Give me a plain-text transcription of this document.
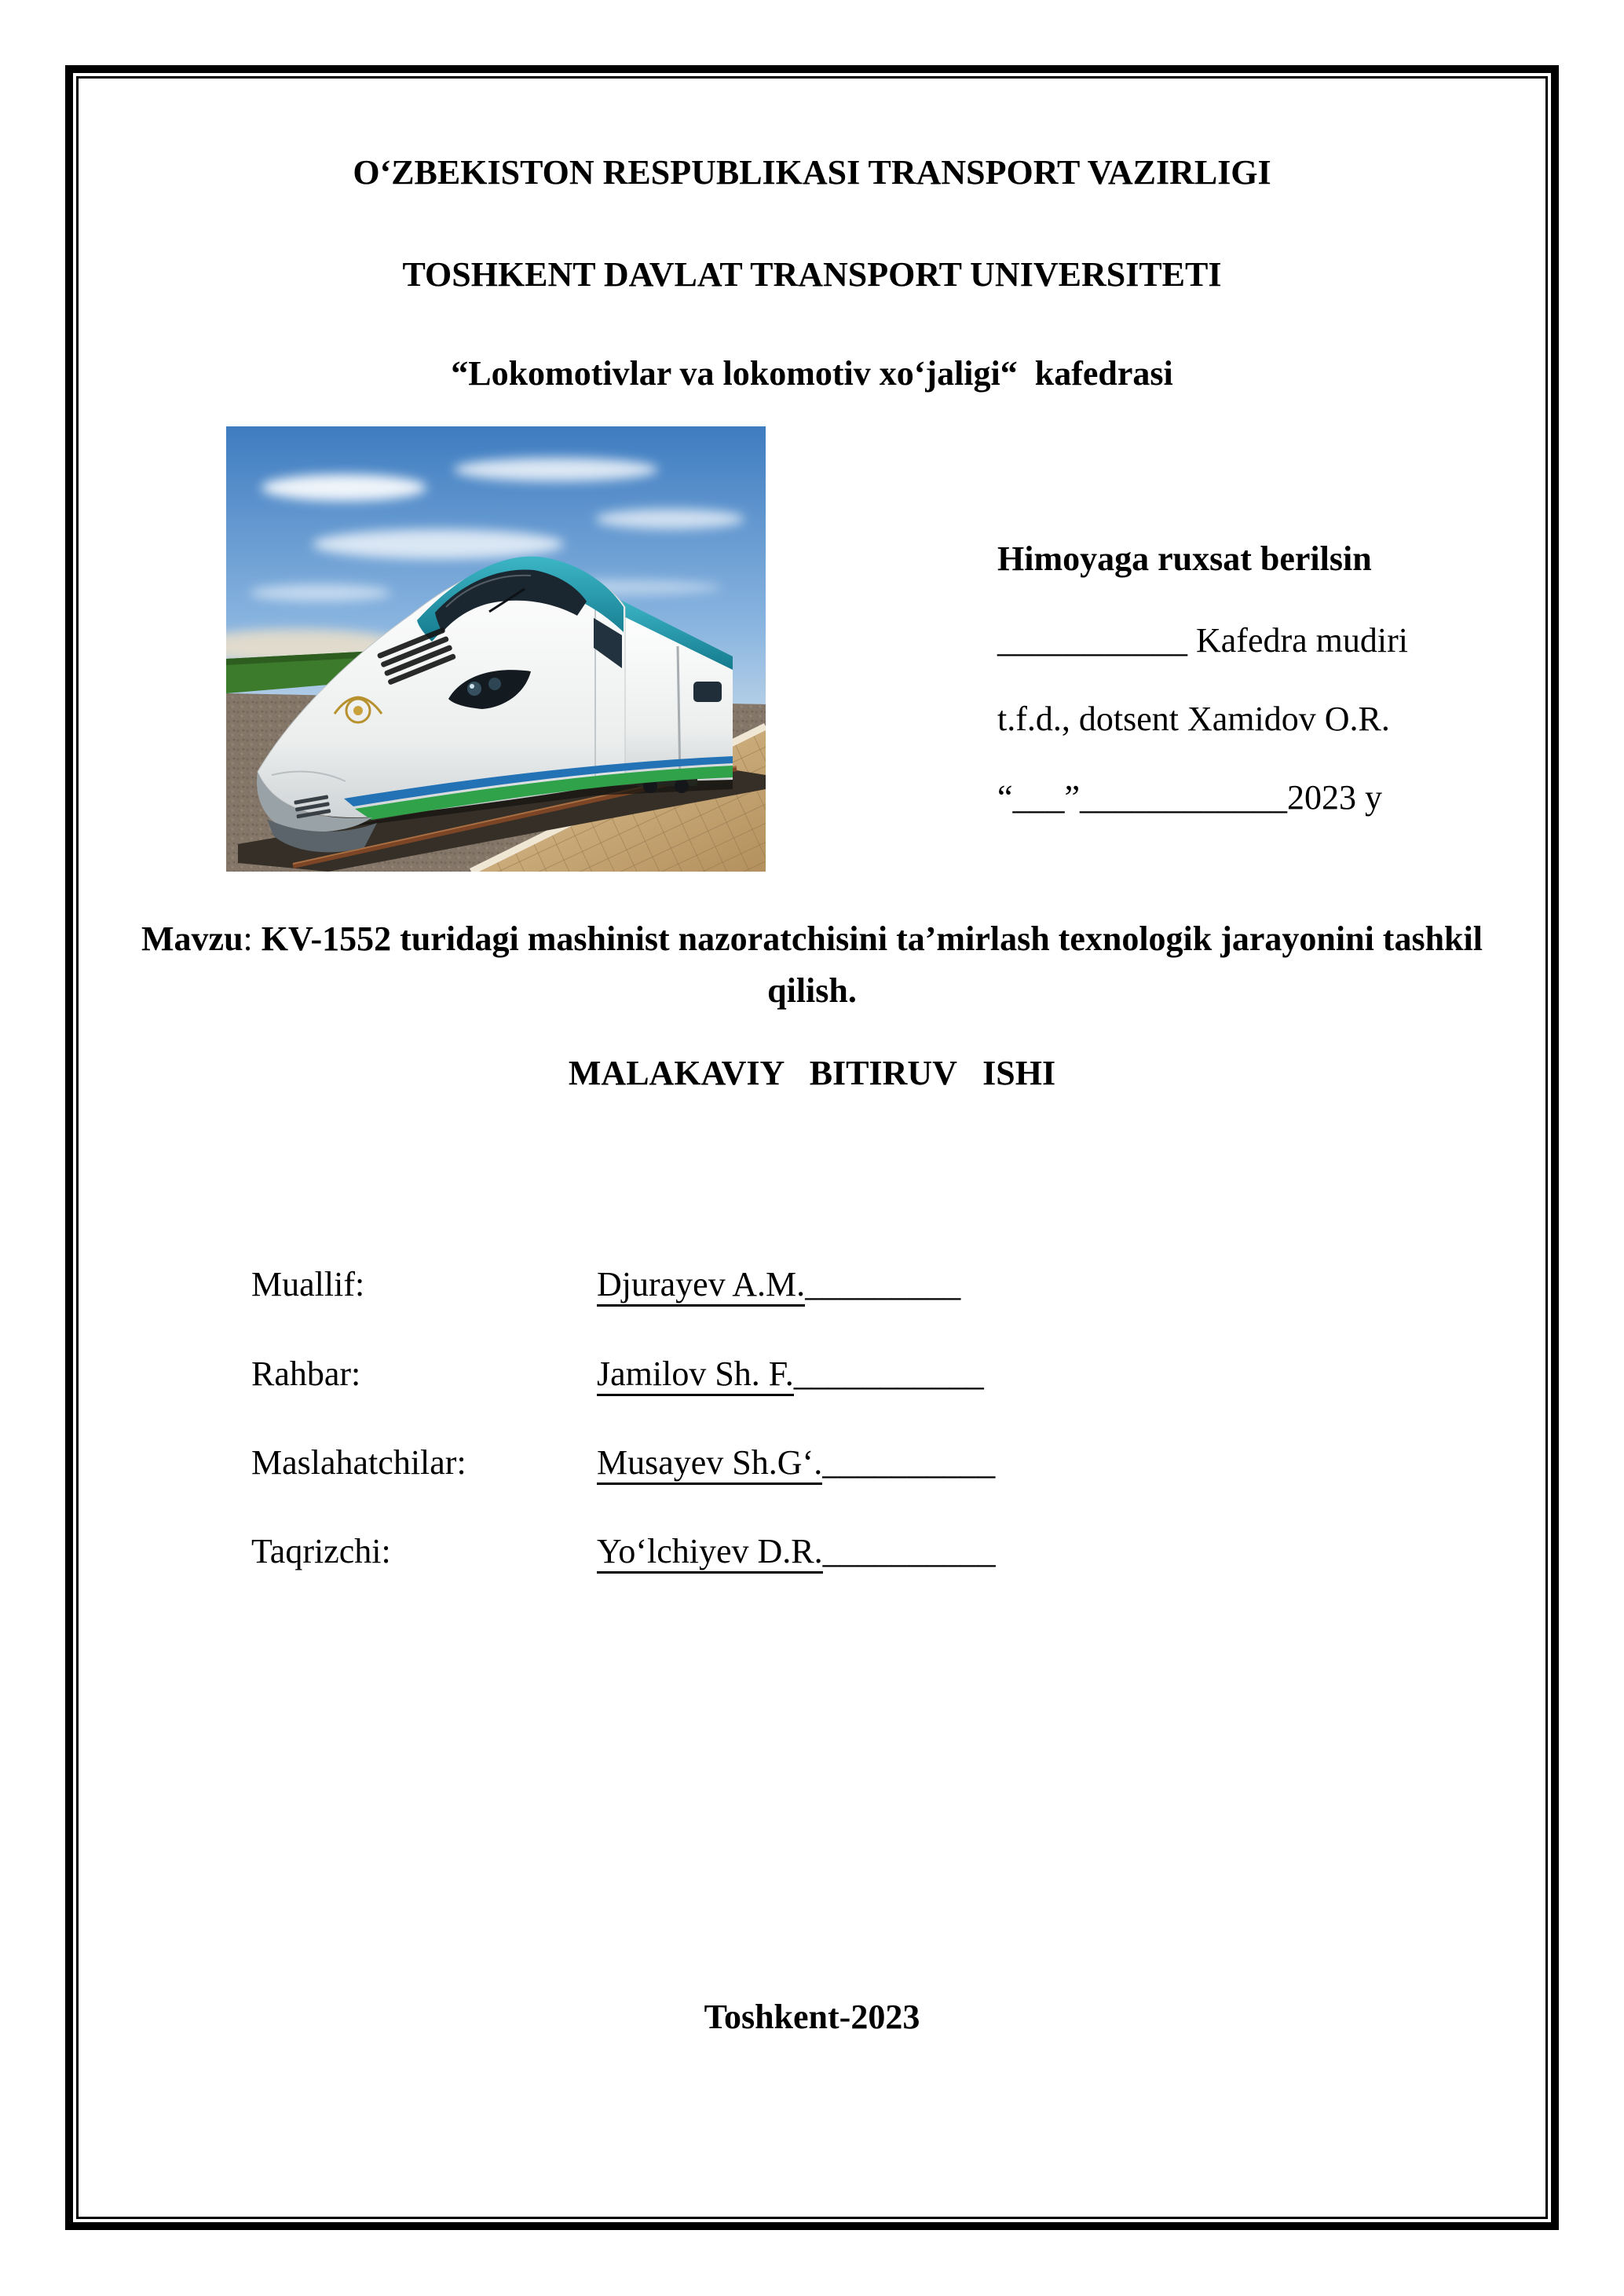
O‘ZBEKISTON RESPUBLIKASI TRANSPORT VAZIRLIGI
TOSHKENT DAVLAT TRANSPORT UNIVERSITETI
“Lokomotivlar va lokomotiv xo‘jaligi“  kafedrasi
Himoyaga ruxsat berilsin
___________ Kafedra mudiri
t.f.d., dotsent Xamidov O.R.
“___”____________2023 y
Mavzu: KV-1552 turidagi mashinist nazoratchisini ta’mirlash texnologik jarayonini tashkil qilish.
MALAKAVIY   BITIRUV   ISHI
Muallif:	Djurayev A.M._________
Rahbar:	Jamilov Sh. F.___________
Maslahatchilar:	Musayev Sh.G‘.__________
Taqrizchi:	Yo‘lchiyev D.R.__________
Toshkent-2023
